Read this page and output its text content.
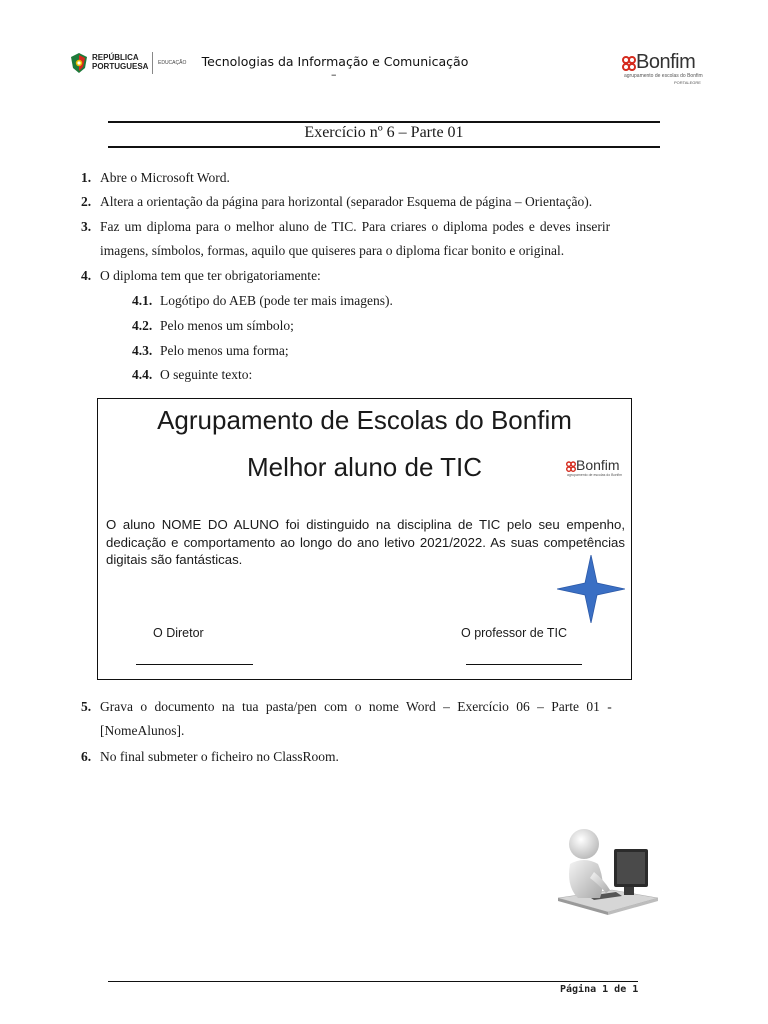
REPÚBLICA
PORTUGUESA EDUCAÇÃO Tecnologias da Informação e Comunicação
–
Bonfim
agrupamento de escolas do Bonfim
PORTALEGRE
Exercício nº 6 – Parte 01
1. Abre o Microsoft Word.
2. Altera a orientação da página para horizontal (separador Esquema de página – Orientação).
3. Faz um diploma para o melhor aluno de TIC. Para criares o diploma podes e deves inserir
imagens, símbolos, formas, aquilo que quiseres para o diploma ficar bonito e original.
4. O diploma tem que ter obrigatoriamente:
4.1. Logótipo do AEB (pode ter mais imagens).
4.2. Pelo menos um símbolo;
4.3. Pelo menos uma forma;
4.4. O seguinte texto:
Agrupamento de Escolas do Bonfim
Melhor aluno de TIC	Bonfim
agrupamento de escolas do Bonfim
O aluno NOME DO ALUNO foi distinguido na disciplina de TIC pelo seu empenho, dedicação e comportamento ao longo do ano letivo 2021/2022. As suas competências digitais são fantásticas.
O Diretor	O professor de TIC
5. Grava o documento na tua pasta/pen com o nome Word – Exercício 06 – Parte 01 -
[NomeAlunos].
6. No final submeter o ficheiro no ClassRoom.
Página 1 de 1
